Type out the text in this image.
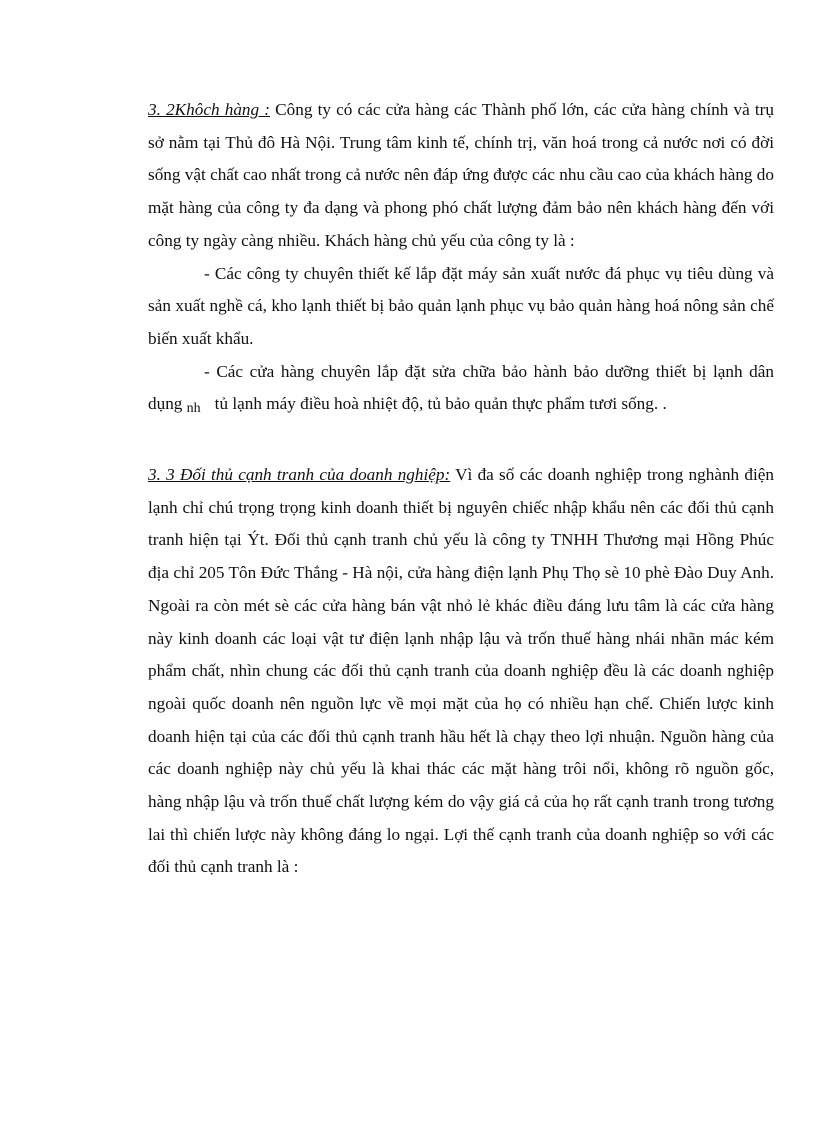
3. 2Khôch hàng : Công ty có các cửa hàng các Thành phố lớn, các cửa hàng chính và trụ sở nằm tại Thủ đô Hà Nội. Trung tâm kinh tế, chính trị, văn hoá trong cả nước nơi có đời sống vật chất cao nhất trong cả nước nên đáp ứng được các nhu cầu cao của khách hàng do mặt hàng của công ty đa dạng và phong phó chất lượng đảm bảo nên khách hàng đến với công ty ngày càng nhiều. Khách hàng chủ yếu của công ty là :

- Các công ty chuyên thiết kế lắp đặt máy sản xuất nước đá phục vụ tiêu dùng và sản xuất nghề cá, kho lạnh thiết bị bảo quản lạnh phục vụ bảo quản hàng hoá nông sản chế biến xuất khẩu.

- Các cửa hàng chuyên lắp đặt sửa chữa bảo hành bảo dưỡng thiết bị lạnh dân dụng nh tủ lạnh máy điều hoà nhiệt độ, tủ bảo quản thực phẩm tươi sống. .

3. 3 Đối thủ cạnh tranh của doanh nghiệp: Vì đa số các doanh nghiệp trong nghành điện lạnh chỉ chú trọng trọng kinh doanh thiết bị nguyên chiếc nhập khẩu nên các đối thủ cạnh tranh hiện tại Ýt. Đối thủ cạnh tranh chủ yếu là công ty TNHH Thương mại Hồng Phúc địa chỉ 205 Tôn Đức Thắng - Hà nội, cửa hàng điện lạnh Phụ Thọ sè 10 phè Đào Duy Anh. Ngoài ra còn mét sè các cửa hàng bán vật nhỏ lẻ khác điều đáng lưu tâm là các cửa hàng này kinh doanh các loại vật tư điện lạnh nhập lậu và trốn thuế hàng nhái nhãn mác kém phẩm chất, nhìn chung các đối thủ cạnh tranh của doanh nghiệp đều là các doanh nghiệp ngoài quốc doanh nên nguồn lực về mọi mặt của họ có nhiều hạn chế. Chiến lược kinh doanh hiện tại của các đối thủ cạnh tranh hầu hết là chạy theo lợi nhuận. Nguồn hàng của các doanh nghiệp này chủ yếu là khai thác các mặt hàng trôi nổi, không rõ nguồn gốc, hàng nhập lậu và trốn thuế chất lượng kém do vậy giá cả của họ rất cạnh tranh trong tương lai thì chiến lược này không đáng lo ngại. Lợi thế cạnh tranh của doanh nghiệp so với các đối thủ cạnh tranh là :
